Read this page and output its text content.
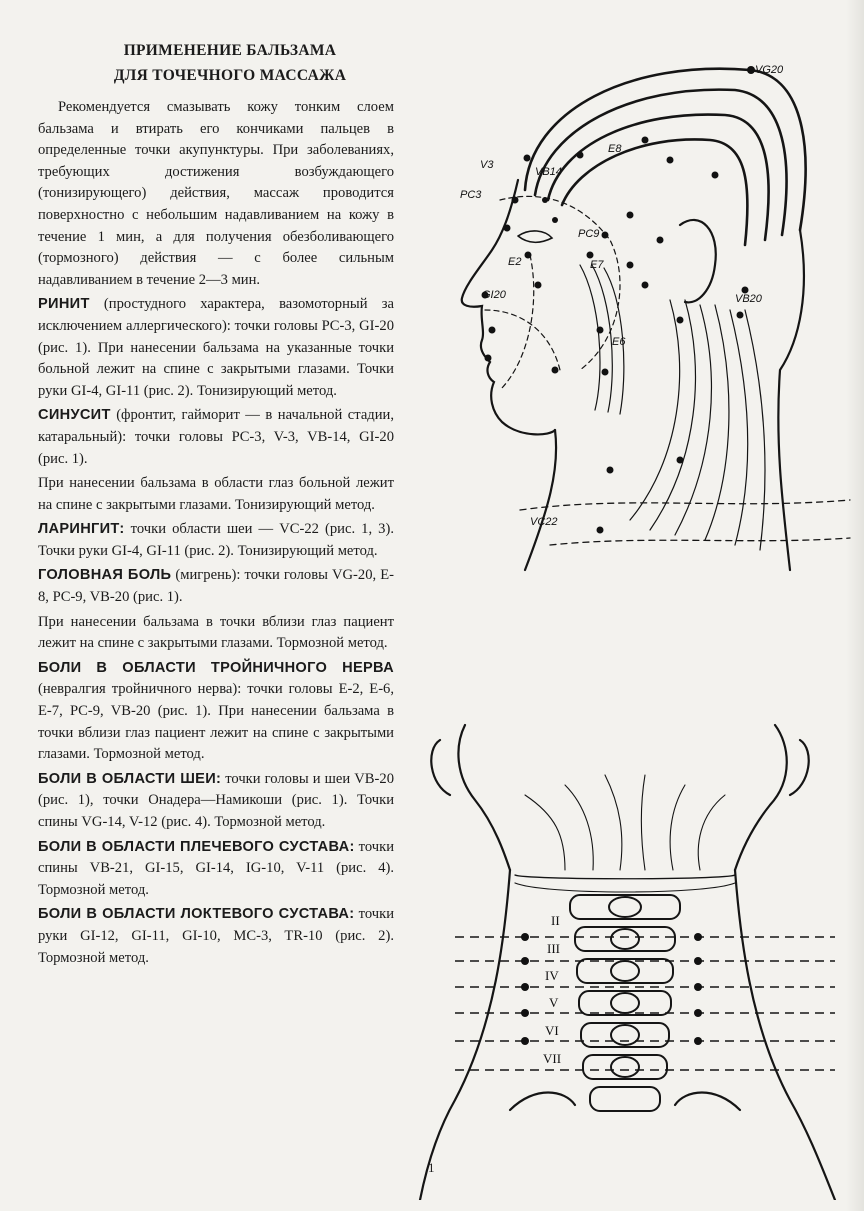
ПРИМЕНЕНИЕ БАЛЬЗАМА
ДЛЯ ТОЧЕЧНОГО МАССАЖА

Рекомендуется смазывать кожу тонким слоем бальзама и втирать его кончиками пальцев в определенные точки акупунктуры. При заболеваниях, требующих достижения возбуждающего (тонизирующего) действия, массаж проводится поверхностно с небольшим надавливанием на кожу в течение 1 мин, а для получения обезболивающего (тормозного) действия — с более сильным надавливанием в течение 2—3 мин.

РИНИТ (простудного характера, вазомоторный за исключением аллергического): точки головы PC-3, GI-20 (рис. 1). При нанесении бальзама на указанные точки больной лежит на спине с закрытыми глазами. Точки руки GI-4, GI-11 (рис. 2). Тонизирующий метод.

СИНУСИТ (фронтит, гайморит — в начальной стадии, катаральный): точки головы PC-3, V-3, VB-14, GI-20 (рис. 1).

При нанесении бальзама в области глаз больной лежит на спине с закрытыми глазами. Тонизирующий метод.

ЛАРИНГИТ: точки области шеи — VC-22 (рис. 1, 3). Точки руки GI-4, GI-11 (рис. 2). Тонизирующий метод.

ГОЛОВНАЯ БОЛЬ (мигрень): точки головы VG-20, E-8, PC-9, VB-20 (рис. 1).

При нанесении бальзама в точки вблизи глаз пациент лежит на спине с закрытыми глазами. Тормозной метод.

БОЛИ В ОБЛАСТИ ТРОЙНИЧНОГО НЕРВА (невралгия тройничного нерва): точки головы E-2, E-6, E-7, PC-9, VB-20 (рис. 1). При нанесении бальзама в точки вблизи глаз пациент лежит на спине с закрытыми глазами. Тормозной метод.

БОЛИ В ОБЛАСТИ ШЕИ: точки головы и шеи VB-20 (рис. 1), точки Онадера—Намикоши (рис. 1). Точки спины VG-14, V-12 (рис. 4). Тормозной метод.

БОЛИ В ОБЛАСТИ ПЛЕЧЕВОГО СУСТАВА: точки спины VB-21, GI-15, GI-14, IG-10, V-11 (рис. 4). Тормозной метод.

БОЛИ В ОБЛАСТИ ЛОКТЕВОГО СУСТАВА: точки руки GI-12, GI-11, GI-10, MC-3, TR-10 (рис. 2). Тормозной метод.

VG20
V3
PC3
VB14
E8
PC9
E2	E7
GI20
E6
VB20
VC22
II
III
IV
V
VI
VII
1
